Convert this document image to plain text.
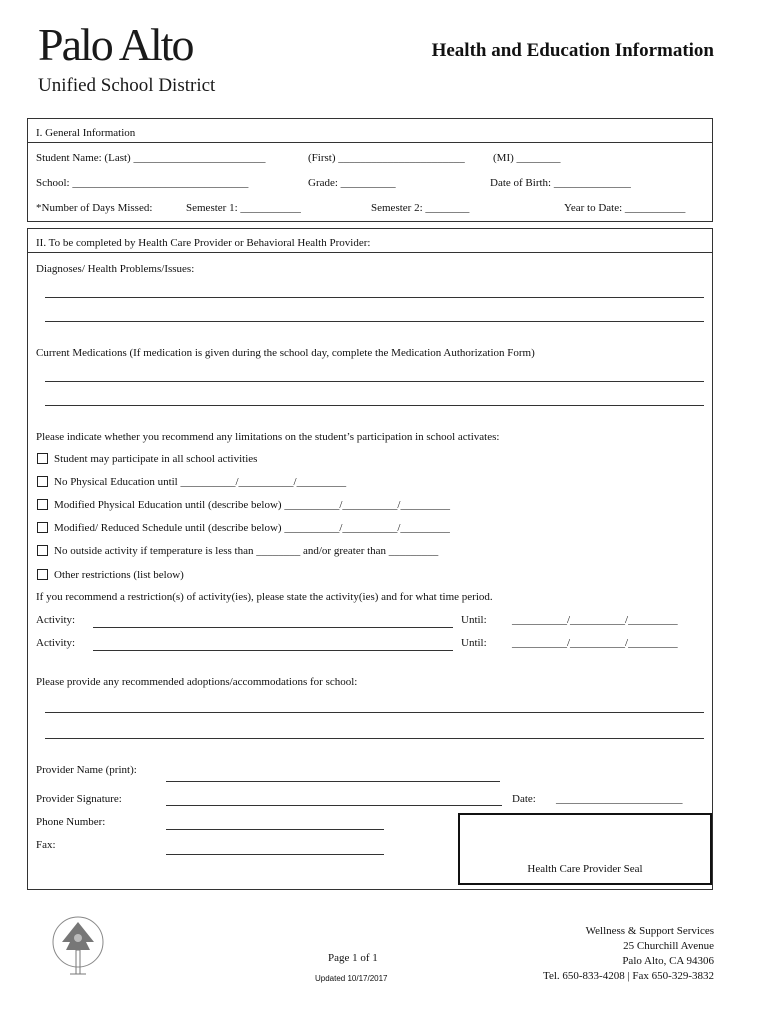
Palo Alto
Unified School District
Health and Education Information
I. General Information
Student Name: (Last) ________________________	(First) _______________________	(MI) ________
School: ________________________________	Grade: __________	Date of Birth: ______________
*Number of Days Missed:	Semester 1: ___________	Semester 2: ________	Year to Date: ___________
II. To be completed by Health Care Provider or Behavioral Health Provider:
Diagnoses/ Health Problems/Issues:
Current Medications (If medication is given during the school day, complete the Medication Authorization Form)
Please indicate whether you recommend any limitations on the student’s participation in school activates:
Student may participate in all school activities
No Physical Education until __________/__________/_________
Modified Physical Education until (describe below) __________/__________/_________
Modified/ Reduced Schedule until (describe below) __________/__________/_________
No outside activity if temperature is less than ________ and/or greater than _________
Other restrictions (list below)
If you recommend a restriction(s) of activity(ies), please state the activity(ies) and for what time period.
Activity:	Until: __________/__________/_________
Activity:	Until: __________/__________/_________
Please provide any recommended adoptions/accommodations for school:
Provider Name (print):
Provider Signature:	Date: _______________________
Phone Number:
Fax:
Health Care Provider Seal
Page 1 of 1
Updated 10/17/2017
Wellness & Support Services
25 Churchill Avenue
Palo Alto, CA 94306
Tel. 650-833-4208 | Fax 650-329-3832
